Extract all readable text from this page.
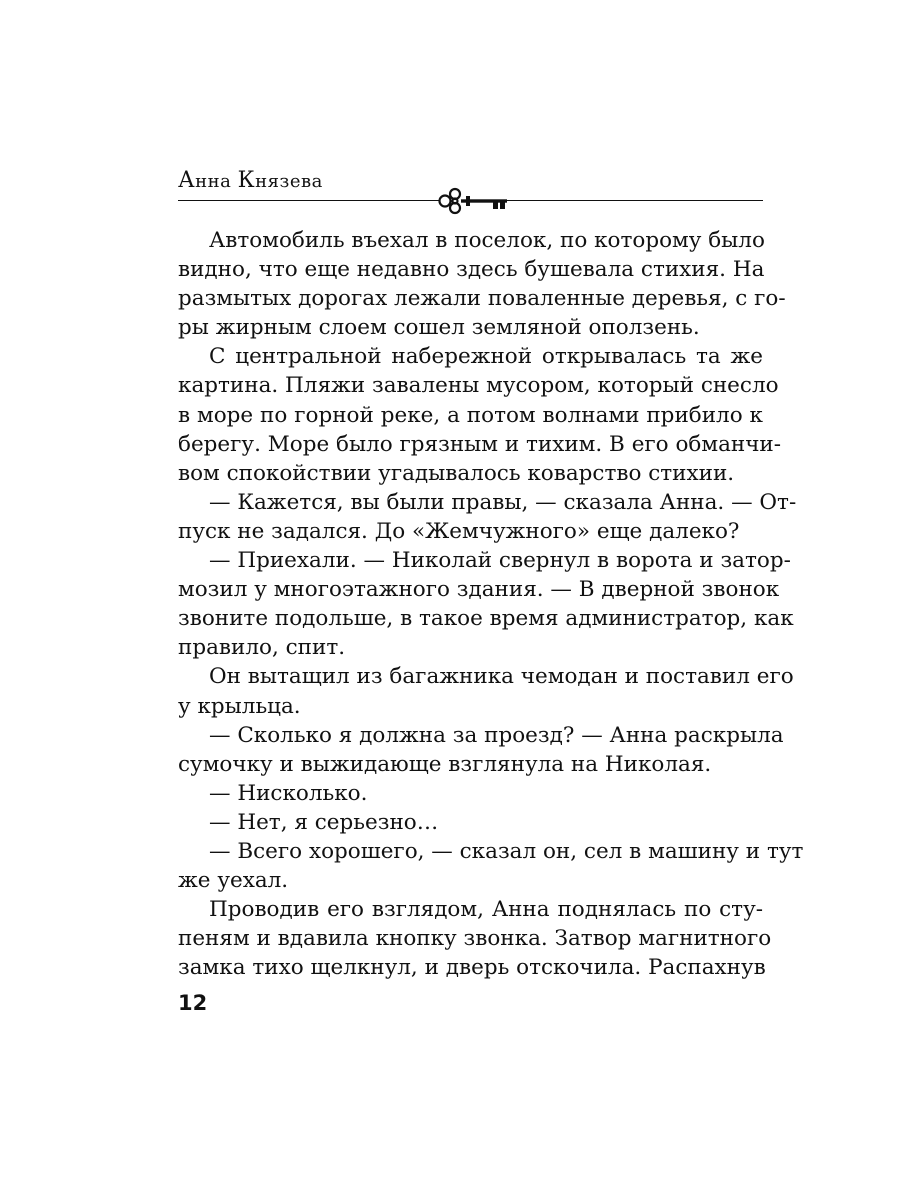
Анна Князева
Автомобиль въехал в поселок, по которому было
видно, что еще недавно здесь бушевала стихия. На
размытых дорогах лежали поваленные деревья, с го-
ры жирным слоем сошел земляной оползень.
С центральной набережной открывалась та же
картина. Пляжи завалены мусором, который снесло
в море по горной реке, а потом волнами прибило к
берегу. Море было грязным и тихим. В его обманчи-
вом спокойствии угадывалось коварство стихии.
— Кажется, вы были правы, — сказала Анна. — От-
пуск не задался. До «Жемчужного» еще далеко?
— Приехали. — Николай свернул в ворота и затор-
мозил у многоэтажного здания. — В дверной звонок
звоните подольше, в такое время администратор, как
правило, спит.
Он вытащил из багажника чемодан и поставил его
у крыльца.
— Сколько я должна за проезд? — Анна раскрыла
сумочку и выжидающе взглянула на Николая.
— Нисколько.
— Нет, я серьезно…
— Всего хорошего, — сказал он, сел в машину и тут
же уехал.
Проводив его взглядом, Анна поднялась по сту-
пеням и вдавила кнопку звонка. Затвор магнитного
замка тихо щелкнул, и дверь отскочила. Распахнув
12
